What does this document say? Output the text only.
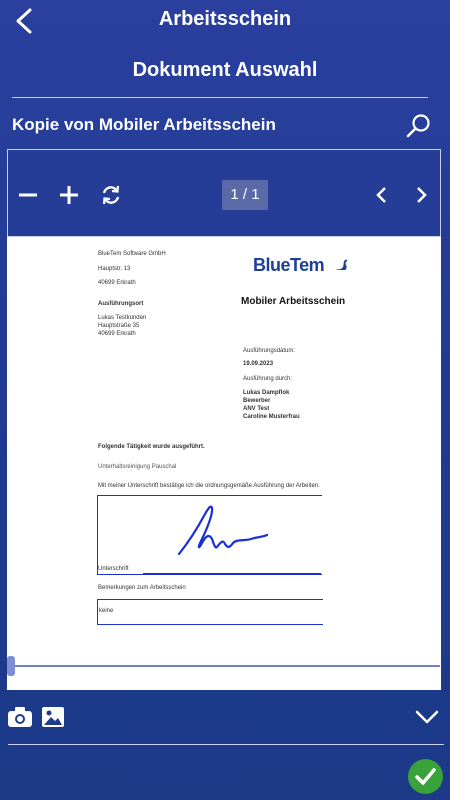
Arbeitsschein
Dokument Auswahl
Kopie von Mobiler Arbeitsschein
1 / 1
BlueTem Software GmbH
Hauptstr. 13
40699 Erkrath
BlueTem
Mobiler Arbeitsschein
Ausführungsort
Lukas Testkunden
Hauptstraße 35
40699 Erkrath
Ausführungsdatum:
19.09.2023
Ausführung durch:
Lukas Dampflok
Bewerber
ANV Test
Caroline Musterfrau
Folgende Tätigkeit wurde ausgeführt.
Unterhaltsreinigung Pauschal
Mit meiner Unterschrift bestätige ich die ordnungsgemäße Ausführung der Arbeiten.
Unterschrift
Bemerkungen zum Arbeitsschein
keine
